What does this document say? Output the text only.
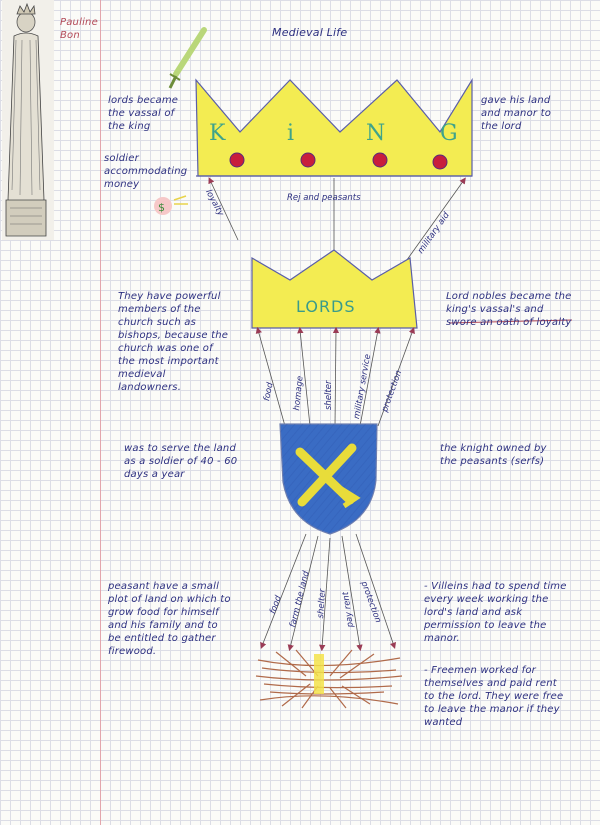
K	i	N G
$
LORDS
Pauline Bon	Medieval Life
lords became the vassal of the king
soldier accommodating money
gave his land and manor to the lord
loyalty	Rej and peasants
military aid
They have powerful members of the church such as bishops, because the church was one of the most important medieval landowners.
Lord nobles became the king's vassal's and swore an oath of loyalty
food homage shelter military service protection
was to serve the land as a soldier of 40 - 60 days a year
the knight owned by the peasants (serfs)
food farm the land shelter pay rent protection
peasant have a small plot of land on which to grow food for himself and his family and to be entitled to gather firewood.
- Villeins had to spend time every week working the lord's land and ask permission to leave the manor.
- Freemen worked for themselves and paid rent to the lord. They were free to leave the manor if they wanted
